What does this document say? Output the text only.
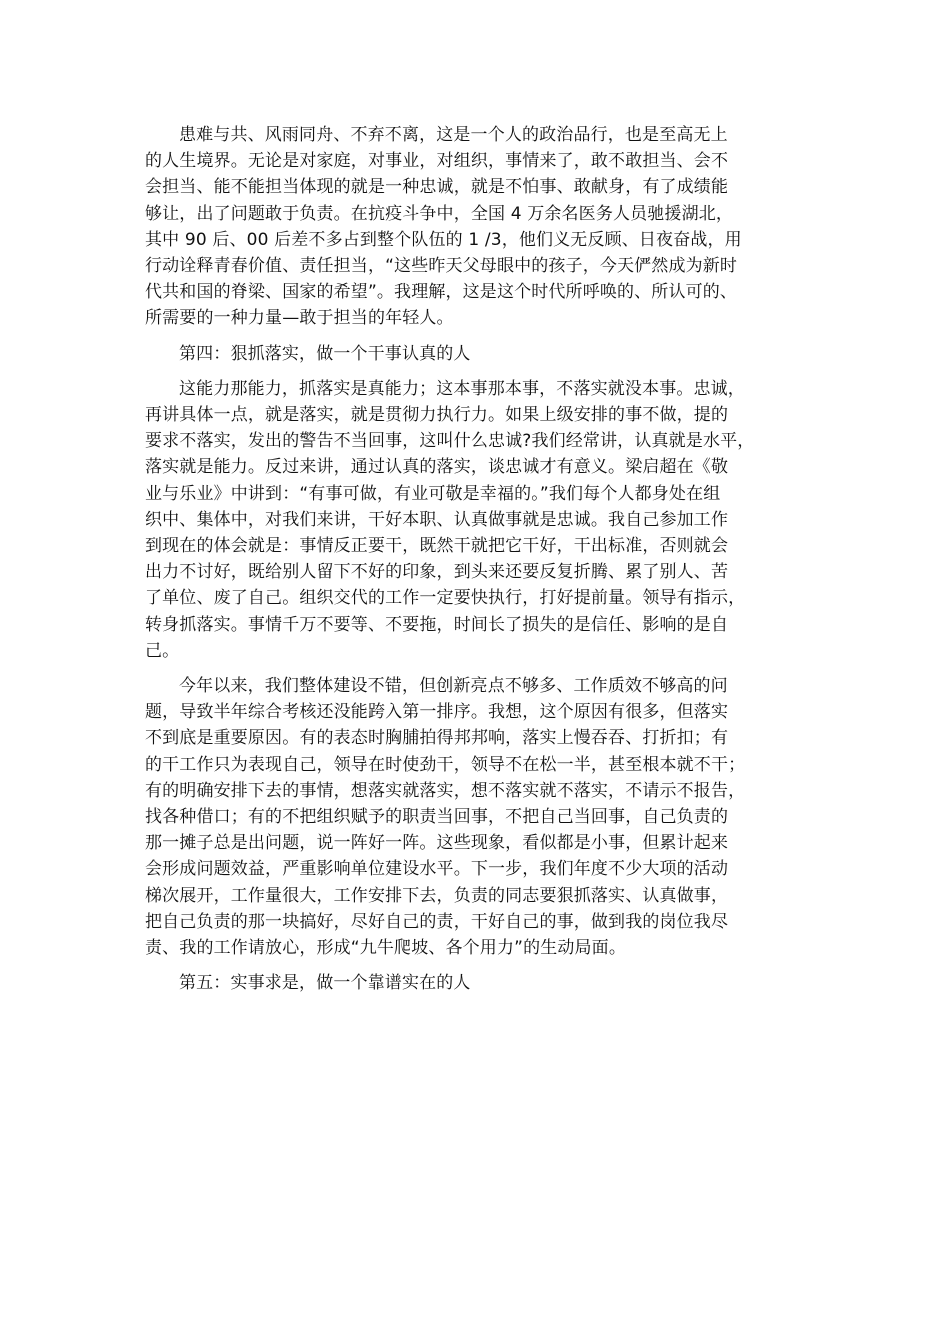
患难与共、风雨同舟、不弃不离，这是一个人的政治品行，也是至高无上
的人生境界。无论是对家庭，对事业，对组织，事情来了，敢不敢担当、会不
会担当、能不能担当体现的就是一种忠诚，就是不怕事、敢献身，有了成绩能
够让，出了问题敢于负责。在抗疫斗争中，全国 4 万余名医务人员驰援湖北，
其中 90 后、00 后差不多占到整个队伍的 1 /3，他们义无反顾、日夜奋战，用
行动诠释青春价值、责任担当，“这些昨天父母眼中的孩子，今天俨然成为新时
代共和国的脊梁、国家的希望”。我理解，这是这个时代所呼唤的、所认可的、
所需要的一种力量—敢于担当的年轻人。

第四：狠抓落实，做一个干事认真的人

这能力那能力，抓落实是真能力；这本事那本事，不落实就没本事。忠诚，
再讲具体一点，就是落实，就是贯彻力执行力。如果上级安排的事不做，提的
要求不落实，发出的警告不当回事，这叫什么忠诚?我们经常讲，认真就是水平，
落实就是能力。反过来讲，通过认真的落实，谈忠诚才有意义。梁启超在《敬
业与乐业》中讲到：“有事可做，有业可敬是幸福的。”我们每个人都身处在组
织中、集体中，对我们来讲，干好本职、认真做事就是忠诚。我自己参加工作
到现在的体会就是：事情反正要干，既然干就把它干好，干出标准，否则就会
出力不讨好，既给别人留下不好的印象，到头来还要反复折腾、累了别人、苦
了单位、废了自己。组织交代的工作一定要快执行，打好提前量。领导有指示，
转身抓落实。事情千万不要等、不要拖，时间长了损失的是信任、影响的是自
己。

今年以来，我们整体建设不错，但创新亮点不够多、工作质效不够高的问
题，导致半年综合考核还没能跨入第一排序。我想，这个原因有很多，但落实
不到底是重要原因。有的表态时胸脯拍得邦邦响，落实上慢吞吞、打折扣；有
的干工作只为表现自己，领导在时使劲干，领导不在松一半，甚至根本就不干；
有的明确安排下去的事情，想落实就落实，想不落实就不落实，不请示不报告，
找各种借口；有的不把组织赋予的职责当回事，不把自己当回事，自己负责的
那一摊子总是出问题，说一阵好一阵。这些现象，看似都是小事，但累计起来
会形成问题效益，严重影响单位建设水平。下一步，我们年度不少大项的活动
梯次展开，工作量很大，工作安排下去，负责的同志要狠抓落实、认真做事，
把自己负责的那一块搞好，尽好自己的责，干好自己的事，做到我的岗位我尽
责、我的工作请放心，形成“九牛爬坡、各个用力”的生动局面。

第五：实事求是，做一个靠谱实在的人
